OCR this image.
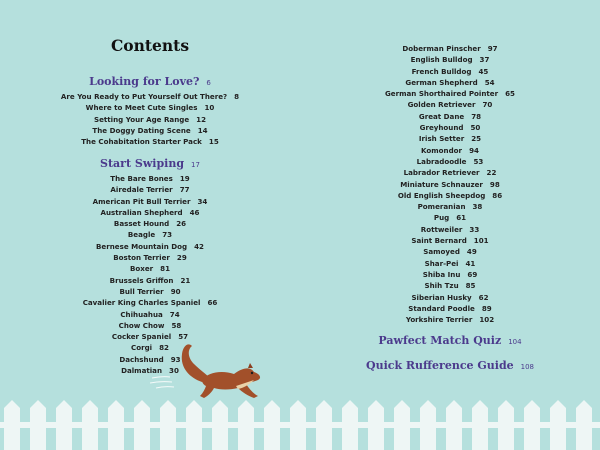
Contents
Looking for Love? 6
Are You Ready to Put Yourself Out There? 8
Where to Meet Cute Singles 10
Setting Your Age Range 12
The Doggy Dating Scene 14
The Cohabitation Starter Pack 15
Start Swiping 17
The Bare Bones 19
Airedale Terrier 77
American Pit Bull Terrier 34
Australian Shepherd 46
Basset Hound 26
Beagle 73
Bernese Mountain Dog 42
Boston Terrier 29
Boxer 81
Brussels Griffon 21
Bull Terrier 90
Cavalier King Charles Spaniel 66
Chihuahua 74
Chow Chow 58
Cocker Spaniel 57
Corgi 82
Dachshund 93
Dalmatian 30
Doberman Pinscher 97
English Bulldog 37
French Bulldog 45
German Shepherd 54
German Shorthaired Pointer 65
Golden Retriever 70
Great Dane 78
Greyhound 50
Irish Setter 25
Komondor 94
Labradoodle 53
Labrador Retriever 22
Miniature Schnauzer 98
Old English Sheepdog 86
Pomeranian 38
Pug 61
Rottweiler 33
Saint Bernard 101
Samoyed 49
Shar-Pei 41
Shiba Inu 69
Shih Tzu 85
Siberian Husky 62
Standard Poodle 89
Yorkshire Terrier 102
Pawfect Match Quiz 104
Quick Rufference Guide 108
